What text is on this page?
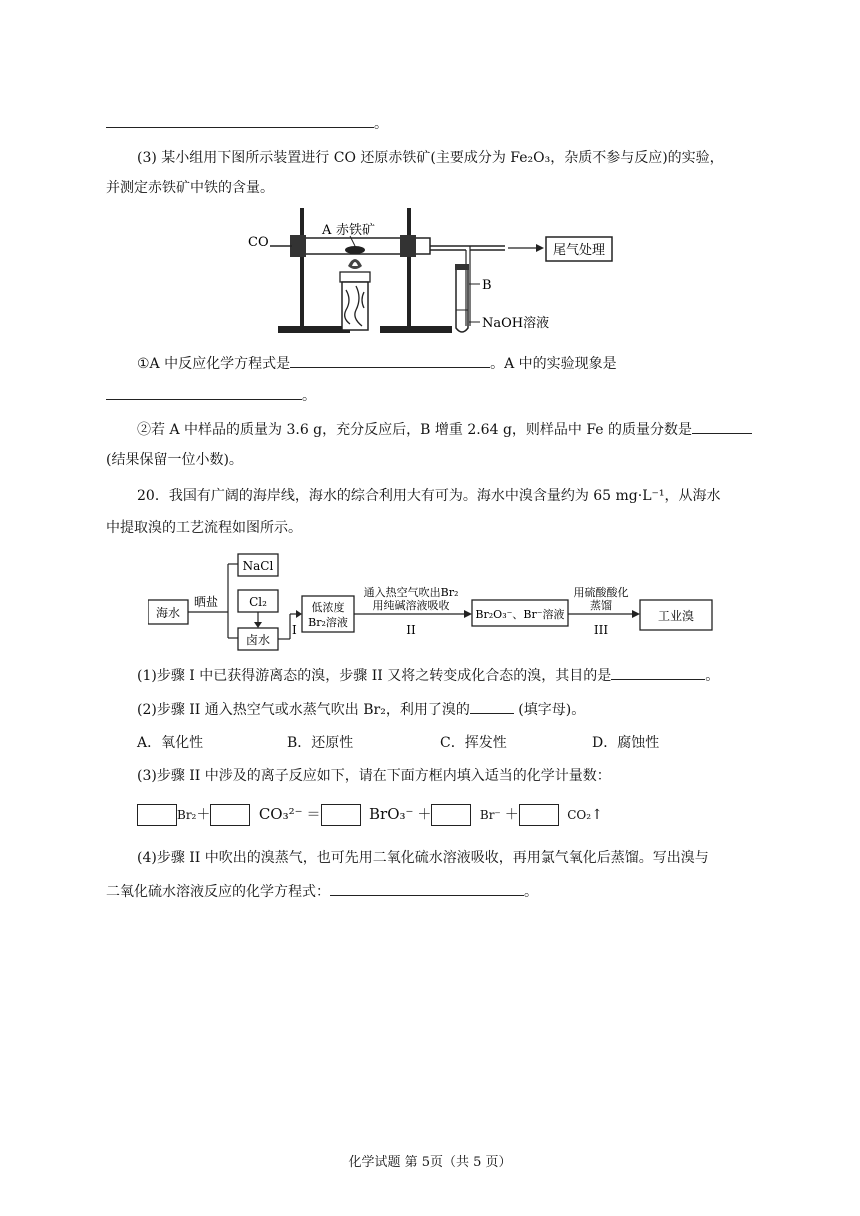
。
(3) 某小组用下图所示装置进行 CO 还原赤铁矿(主要成分为 Fe₂O₃，杂质不参与反应)的实验，
并测定赤铁矿中铁的含量。
CO
A 赤铁矿
B
NaOH溶液
尾气处理
①A 中反应化学方程式是	。A 中的实验现象是
。
②若 A 中样品的质量为 3.6 g，充分反应后，B 增重 2.64 g，则样品中 Fe 的质量分数是
(结果保留一位小数)。
20．我国有广阔的海岸线，海水的综合利用大有可为。海水中溴含量约为 65 mg·L⁻¹，从海水
中提取溴的工艺流程如图所示。
海水
晒盐
NaCl
Cl₂
卤水
I
低浓度
Br₂溶液
通入热空气吹出Br₂
用纯碱溶液吸收
II
Br₂O₃⁻、Br⁻溶液
用硫酸酸化
蒸馏
III
工业溴
(1)步骤 I 中已获得游离态的溴，步骤 II 又将之转变成化合态的溴，其目的是	。
(2)步骤 II 通入热空气或水蒸气吹出 Br₂，利用了溴的	(填字母)。
A．氧化性	B．还原性	C．挥发性	D．腐蚀性
(3)步骤 II 中涉及的离子反应如下，请在下面方框内填入适当的化学计量数：
Br₂＋	CO₃²⁻ ＝	BrO₃⁻ ＋	Br⁻ ＋	CO₂↑
(4)步骤 II 中吹出的溴蒸气，也可先用二氧化硫水溶液吸收，再用氯气氧化后蒸馏。写出溴与
二氧化硫水溶液反应的化学方程式：	。
化学试题 第 5页（共 5 页）
